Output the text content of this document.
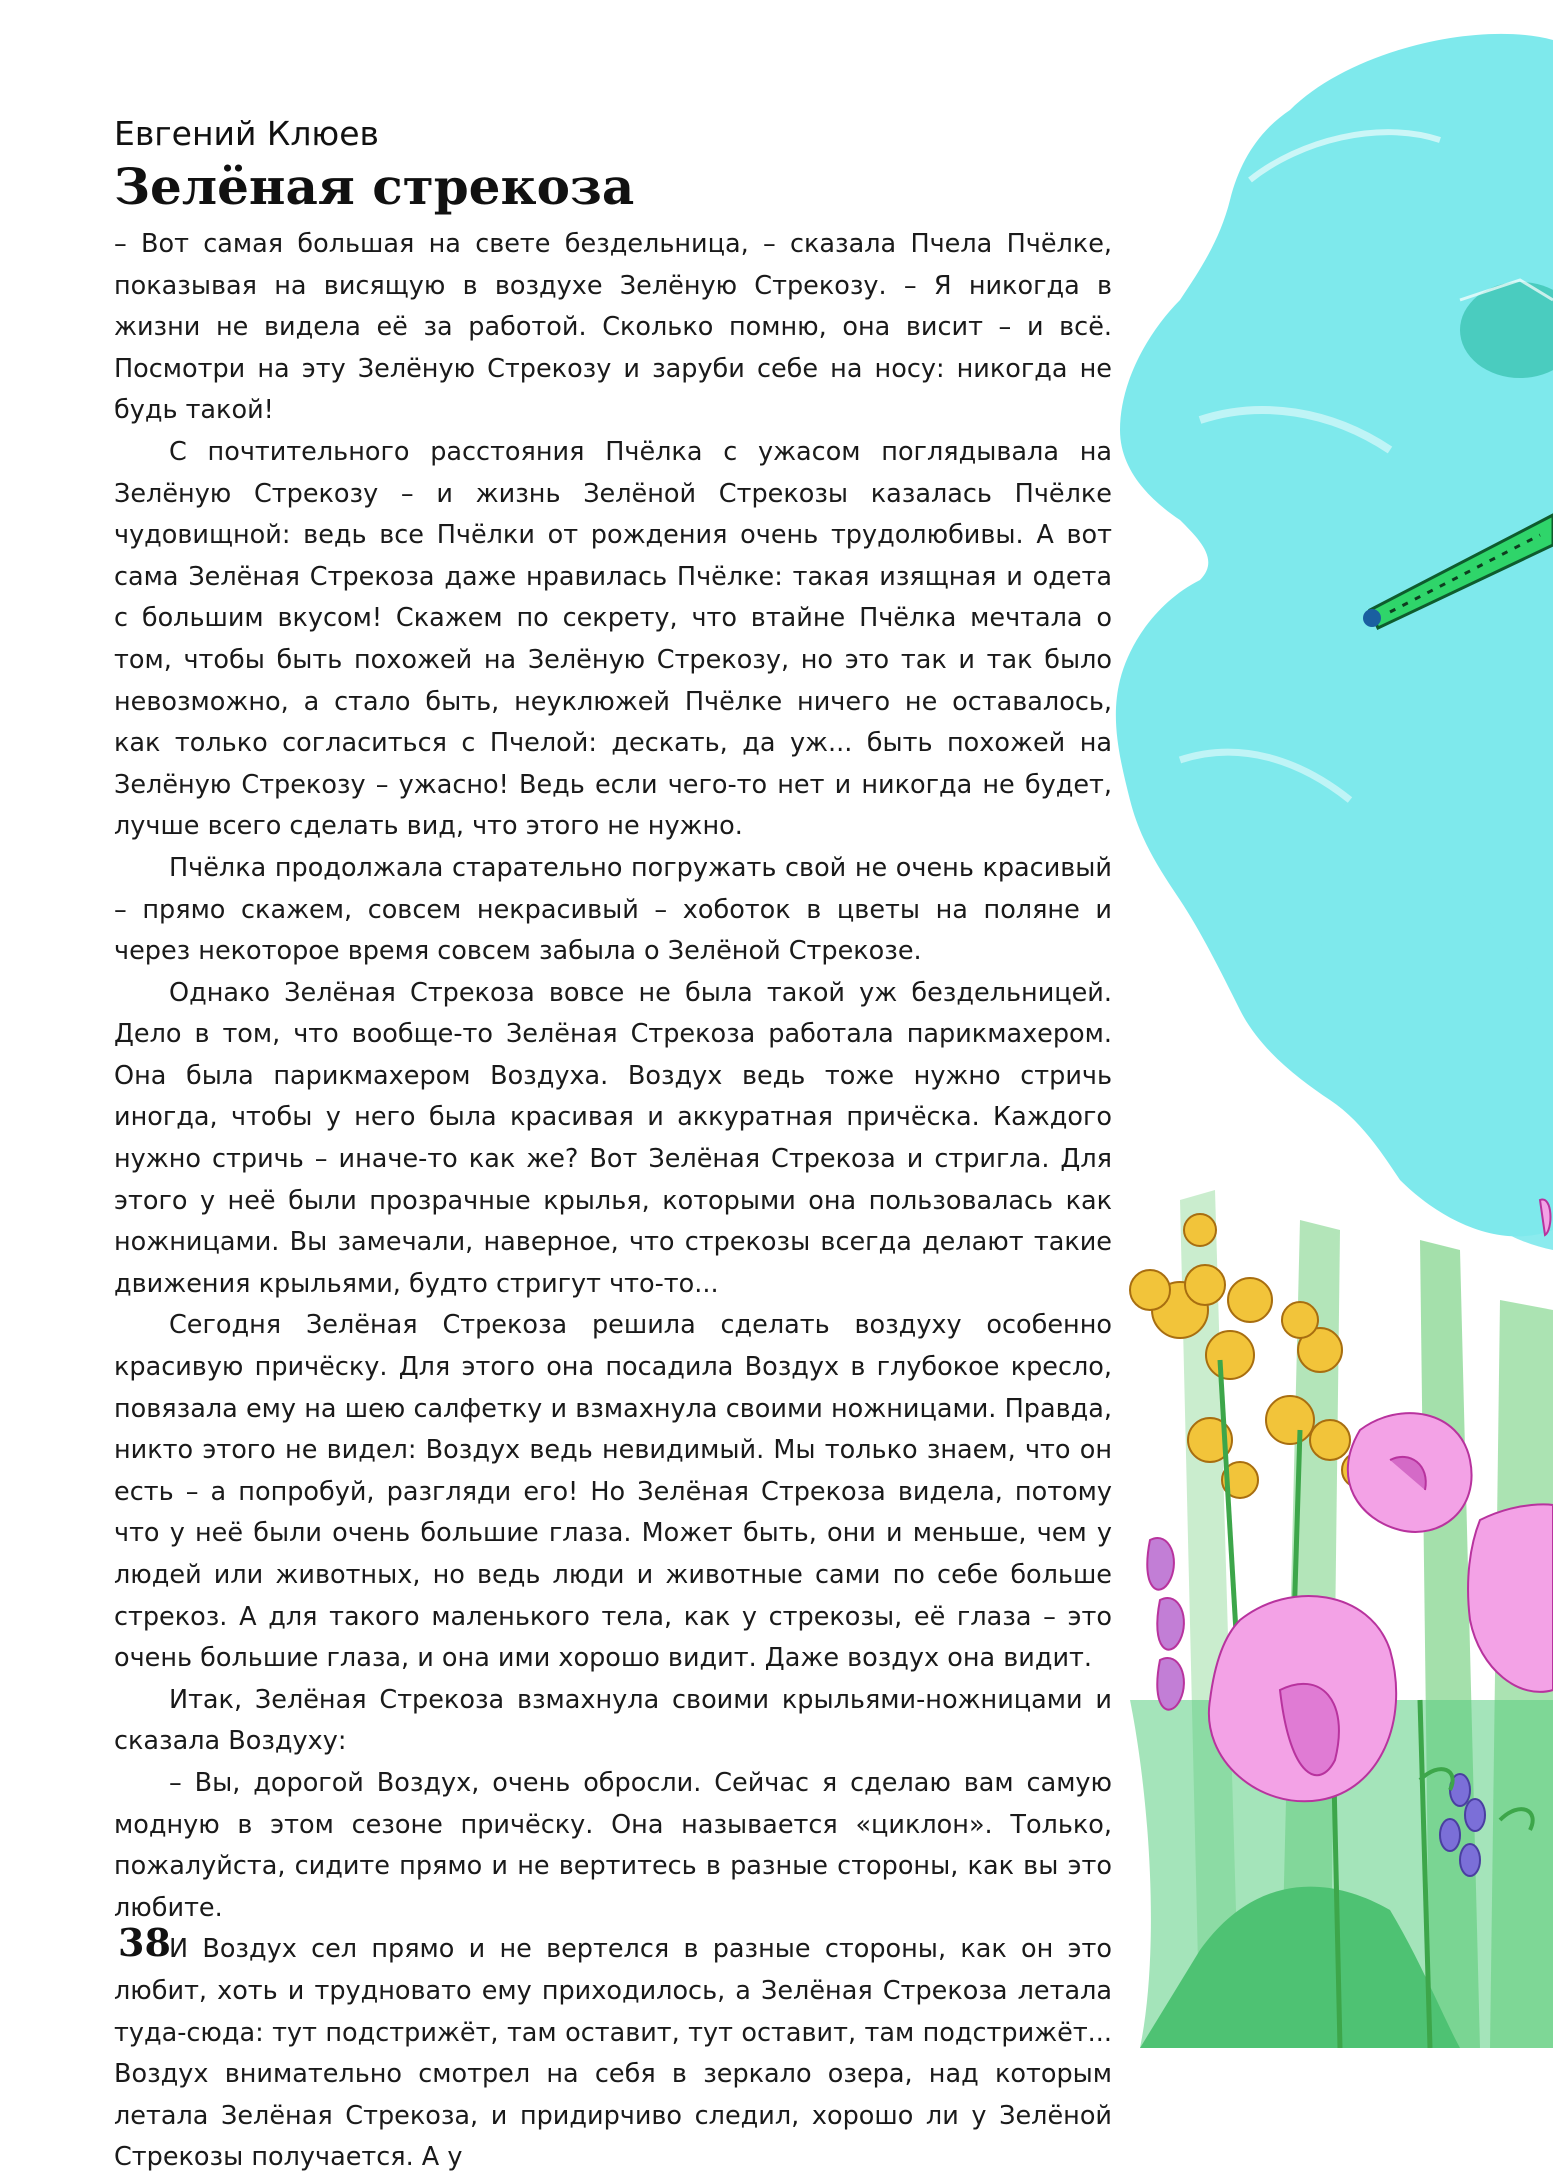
Евгений Клюев

Зелёная стрекоза

– Вот самая большая на свете бездельница, – сказала Пчела Пчёлке, показывая на висящую в воздухе Зелёную Стрекозу. – Я никогда в жизни не видела её за работой. Сколько помню, она висит – и всё. Посмотри на эту Зелёную Стрекозу и заруби себе на носу: никогда не будь такой!

С почтительного расстояния Пчёлка с ужасом поглядывала на Зелёную Стрекозу – и жизнь Зелёной Стрекозы казалась Пчёлке чудовищной: ведь все Пчёлки от рождения очень трудолюбивы. А вот сама Зелёная Стрекоза даже нравилась Пчёлке: такая изящная и одета с большим вкусом! Скажем по секрету, что втайне Пчёлка мечтала о том, чтобы быть похожей на Зелёную Стрекозу, но это так и так было невозможно, а стало быть, неуклюжей Пчёлке ничего не оставалось, как только согласиться с Пчелой: дескать, да уж... быть похожей на Зелёную Стрекозу – ужасно! Ведь если чего-то нет и никогда не будет, лучше всего сделать вид, что этого не нужно.

Пчёлка продолжала старательно погружать свой не очень красивый – прямо скажем, совсем некрасивый – хоботок в цветы на поляне и через некоторое время совсем забыла о Зелёной Стрекозе.

Однако Зелёная Стрекоза вовсе не была такой уж бездельницей. Дело в том, что вообще-то Зелёная Стрекоза работала парикмахером. Она была парикмахером Воздуха. Воздух ведь тоже нужно стричь иногда, чтобы у него была красивая и аккуратная причёска. Каждого нужно стричь – иначе-то как же? Вот Зелёная Стрекоза и стригла. Для этого у неё были прозрачные крылья, которыми она пользовалась как ножницами. Вы замечали, наверное, что стрекозы всегда делают такие движения крыльями, будто стригут что-то...

Сегодня Зелёная Стрекоза решила сделать воздуху особенно красивую причёску. Для этого она посадила Воздух в глубокое кресло, повязала ему на шею салфетку и взмахнула своими ножницами. Правда, никто этого не видел: Воздух ведь невидимый. Мы только знаем, что он есть – а попробуй, разгляди его! Но Зелёная Стрекоза видела, потому что у неё были очень большие глаза. Может быть, они и меньше, чем у людей или животных, но ведь люди и животные сами по себе больше стрекоз. А для такого маленького тела, как у стрекозы, её глаза – это очень большие глаза, и она ими хорошо видит. Даже воздух она видит.

Итак, Зелёная Стрекоза взмахнула своими крыльями-ножницами и сказала Воздуху:

– Вы, дорогой Воздух, очень обросли. Сейчас я сделаю вам самую модную в этом сезоне причёску. Она называется «циклон». Только, пожалуйста, сидите прямо и не вертитесь в разные стороны, как вы это любите.

И Воздух сел прямо и не вертелся в разные стороны, как он это любит, хоть и трудновато ему приходилось, а Зелёная Стрекоза летала туда-сюда: тут подстрижёт, там оставит, тут оставит, там подстрижёт... Воздух внимательно смотрел на себя в зеркало озера, над которым летала Зелёная Стрекоза, и придирчиво следил, хорошо ли у Зелёной Стрекозы получается. А у

38
